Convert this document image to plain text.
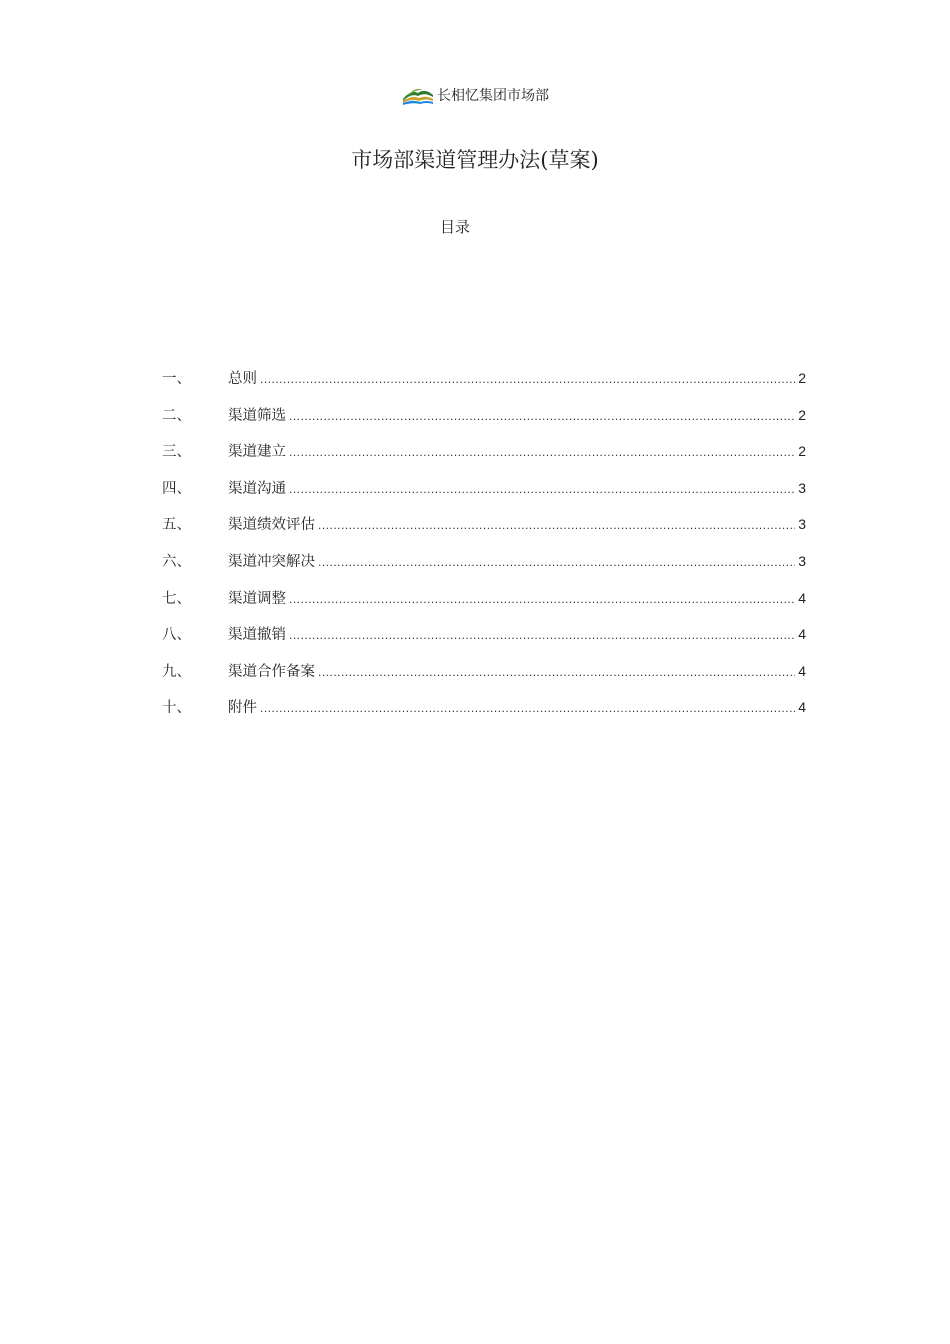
长相忆集团市场部
市场部渠道管理办法(草案)
目录
一、	总则 .....	2
二、	渠道筛选 .....	2
三、	渠道建立 .....	2
四、	渠道沟通 .....	3
五、	渠道绩效评估 .....	3
六、	渠道冲突解决 .....	3
七、	渠道调整 .....	4
八、	渠道撤销 .....	4
九、	渠道合作备案 .....	4
十、	附件 .....	4
